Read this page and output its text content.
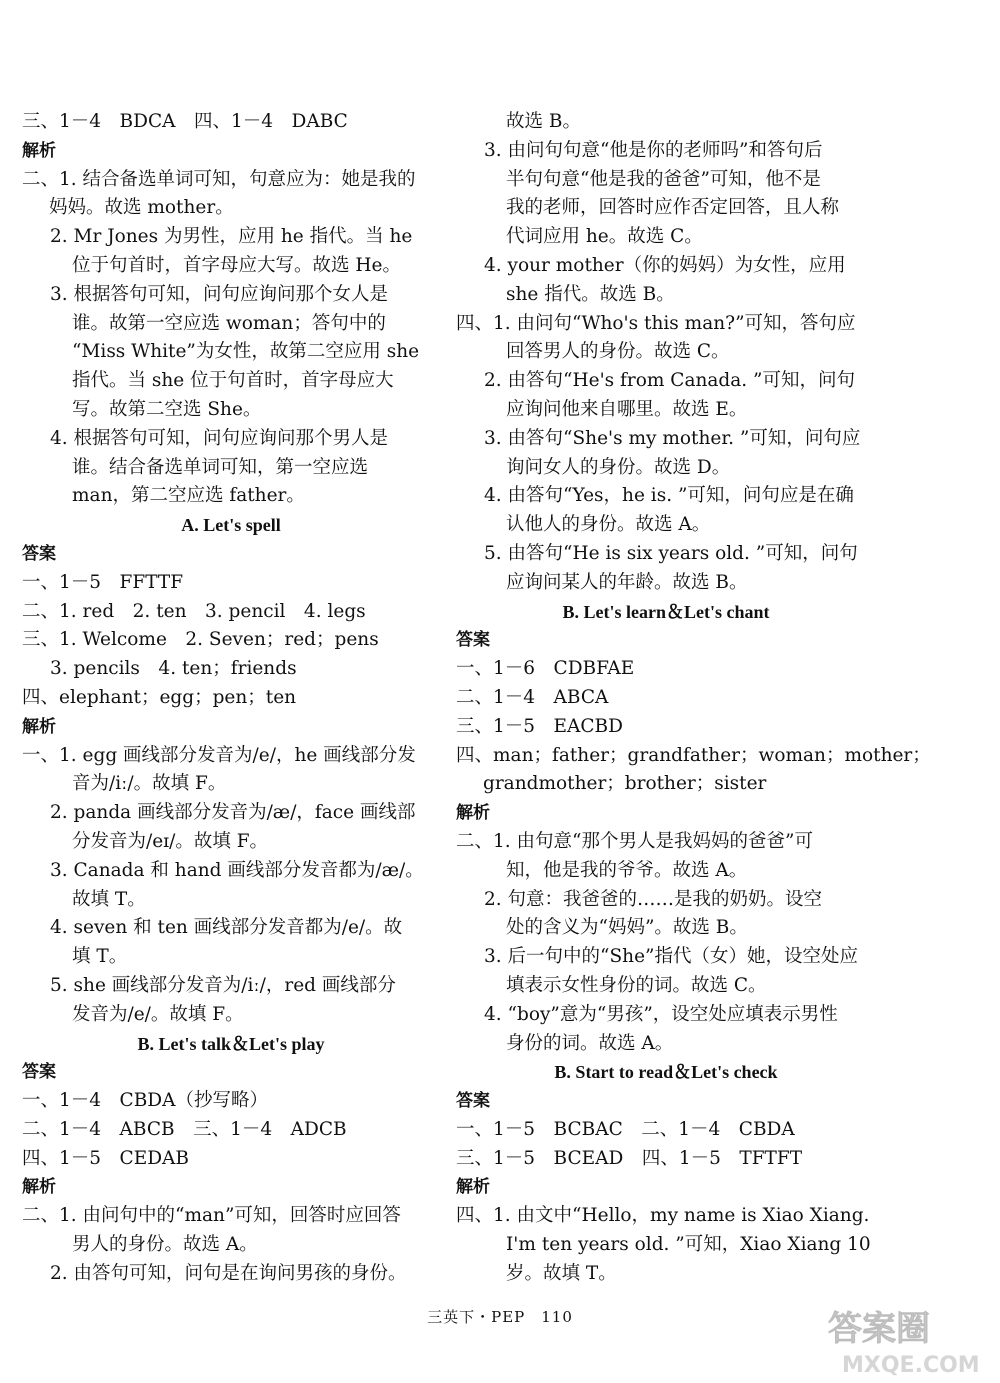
三、1－4　BDCA　四、1－4　DABC
解析
二、1. 结合备选单词可知，句意应为：她是我的
妈妈。故选 mother。
2. Mr Jones 为男性，应用 he 指代。当 he
位于句首时，首字母应大写。故选 He。
3. 根据答句可知，问句应询问那个女人是
谁。故第一空应选 woman；答句中的
“Miss White”为女性，故第二空应用 she
指代。当 she 位于句首时，首字母应大
写。故第二空选 She。
4. 根据答句可知，问句应询问那个男人是
谁。结合备选单词可知，第一空应选
man，第二空应选 father。
A. Let's spell
答案
一、1－5　FFTTF
二、1. red　2. ten　3. pencil　4. legs
三、1. Welcome　2. Seven；red；pens
3. pencils　4. ten；friends
四、elephant；egg；pen；ten
解析
一、1. egg 画线部分发音为/e/，he 画线部分发
音为/iː/。故填 F。
2. panda 画线部分发音为/æ/，face 画线部
分发音为/eɪ/。故填 F。
3. Canada 和 hand 画线部分发音都为/æ/。
故填 T。
4. seven 和 ten 画线部分发音都为/e/。故
填 T。
5. she 画线部分发音为/iː/，red 画线部分
发音为/e/。故填 F。
B. Let's talk＆Let's play
答案
一、1－4　CBDA（抄写略）
二、1－4　ABCB　三、1－4　ADCB
四、1－5　CEDAB
解析
二、1. 由问句中的“man”可知，回答时应回答
男人的身份。故选 A。
2. 由答句可知，问句是在询问男孩的身份。
故选 B。
3. 由问句句意“他是你的老师吗”和答句后
半句句意“他是我的爸爸”可知，他不是
我的老师，回答时应作否定回答，且人称
代词应用 he。故选 C。
4. your mother（你的妈妈）为女性，应用
she 指代。故选 B。
四、1. 由问句“Who's this man?”可知，答句应
回答男人的身份。故选 C。
2. 由答句“He's from Canada. ”可知，问句
应询问他来自哪里。故选 E。
3. 由答句“She's my mother. ”可知，问句应
询问女人的身份。故选 D。
4. 由答句“Yes，he is. ”可知，问句应是在确
认他人的身份。故选 A。
5. 由答句“He is six years old. ”可知，问句
应询问某人的年龄。故选 B。
B. Let's learn＆Let's chant
答案
一、1－6　CDBFAE
二、1－4　ABCA
三、1－5　EACBD
四、man；father；grandfather；woman；mother；
grandmother；brother；sister
解析
二、1. 由句意“那个男人是我妈妈的爸爸”可
知，他是我的爷爷。故选 A。
2. 句意：我爸爸的……是我的奶奶。设空
处的含义为“妈妈”。故选 B。
3. 后一句中的“She”指代（女）她，设空处应
填表示女性身份的词。故选 C。
4. “boy”意为“男孩”，设空处应填表示男性
身份的词。故选 A。
B. Start to read＆Let's check
答案
一、1－5　BCBAC　二、1－4　CBDA
三、1－5　BCEAD　四、1－5　TFTFT
解析
四、1. 由文中“Hello，my name is Xiao Xiang.
I'm ten years old. ”可知，Xiao Xiang 10
岁。故填 T。
三英下・PEP　110	答案圈
MXQE.COM
